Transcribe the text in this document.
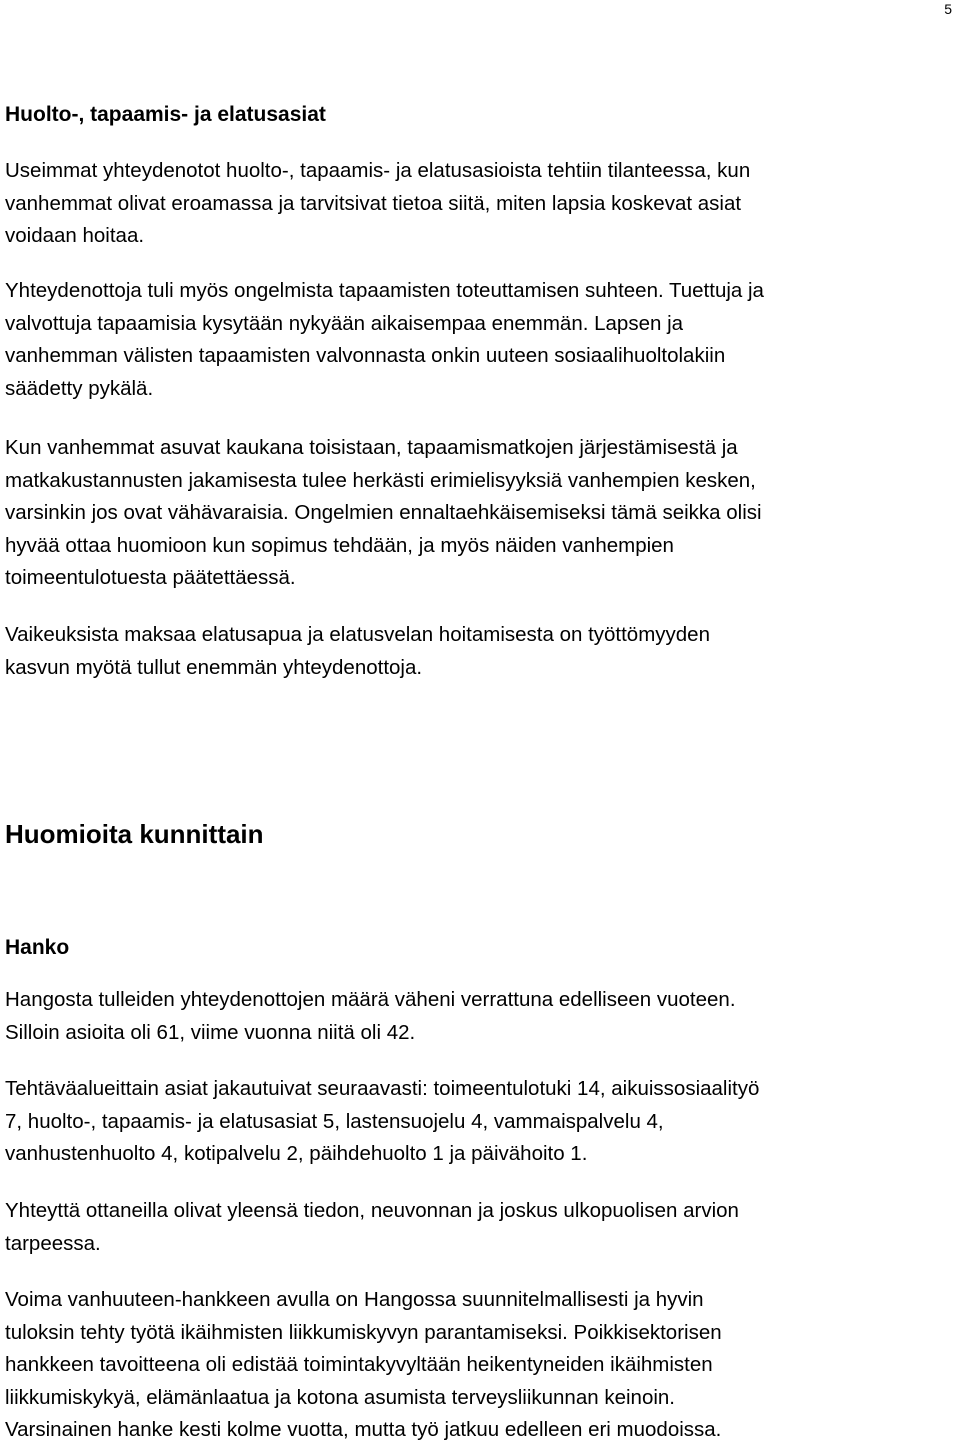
5
Huolto-, tapaamis- ja elatusasiat
Useimmat yhteydenotot huolto-, tapaamis- ja elatusasioista tehtiin tilanteessa, kun
vanhemmat olivat eroamassa ja tarvitsivat tietoa siitä, miten lapsia koskevat asiat
voidaan hoitaa.
Yhteydenottoja tuli myös ongelmista tapaamisten toteuttamisen suhteen. Tuettuja ja
valvottuja tapaamisia kysytään nykyään aikaisempaa enemmän. Lapsen ja
vanhemman välisten tapaamisten valvonnasta onkin uuteen sosiaalihuoltolakiin
säädetty pykälä.
Kun vanhemmat asuvat kaukana toisistaan, tapaamismatkojen järjestämisestä ja
matkakustannusten jakamisesta tulee herkästi erimielisyyksiä vanhempien kesken,
varsinkin jos ovat vähävaraisia. Ongelmien ennaltaehkäisemiseksi tämä seikka olisi
hyvää ottaa huomioon kun sopimus tehdään, ja myös näiden vanhempien
toimeentulotuesta päätettäessä.
Vaikeuksista maksaa elatusapua ja elatusvelan hoitamisesta on työttömyyden
kasvun myötä tullut enemmän yhteydenottoja.
Huomioita kunnittain
Hanko
Hangosta tulleiden yhteydenottojen määrä väheni verrattuna edelliseen vuoteen.
Silloin asioita oli 61, viime vuonna niitä oli 42.
Tehtäväalueittain asiat jakautuivat seuraavasti: toimeentulotuki 14, aikuissosiaalityö
7, huolto-, tapaamis- ja elatusasiat 5, lastensuojelu 4, vammaispalvelu 4,
vanhustenhuolto 4, kotipalvelu 2, päihdehuolto 1 ja päivähoito 1.
Yhteyttä ottaneilla olivat yleensä tiedon, neuvonnan ja joskus ulkopuolisen arvion
tarpeessa.
Voima vanhuuteen-hankkeen avulla on Hangossa suunnitelmallisesti ja hyvin
tuloksin tehty työtä ikäihmisten liikkumiskyvyn parantamiseksi. Poikkisektorisen
hankkeen tavoitteena oli edistää toimintakyvyltään heikentyneiden ikäihmisten
liikkumiskykyä, elämänlaatua ja kotona asumista terveysliikunnan keinoin.
Varsinainen hanke kesti kolme vuotta, mutta työ jatkuu edelleen eri muodoissa.
